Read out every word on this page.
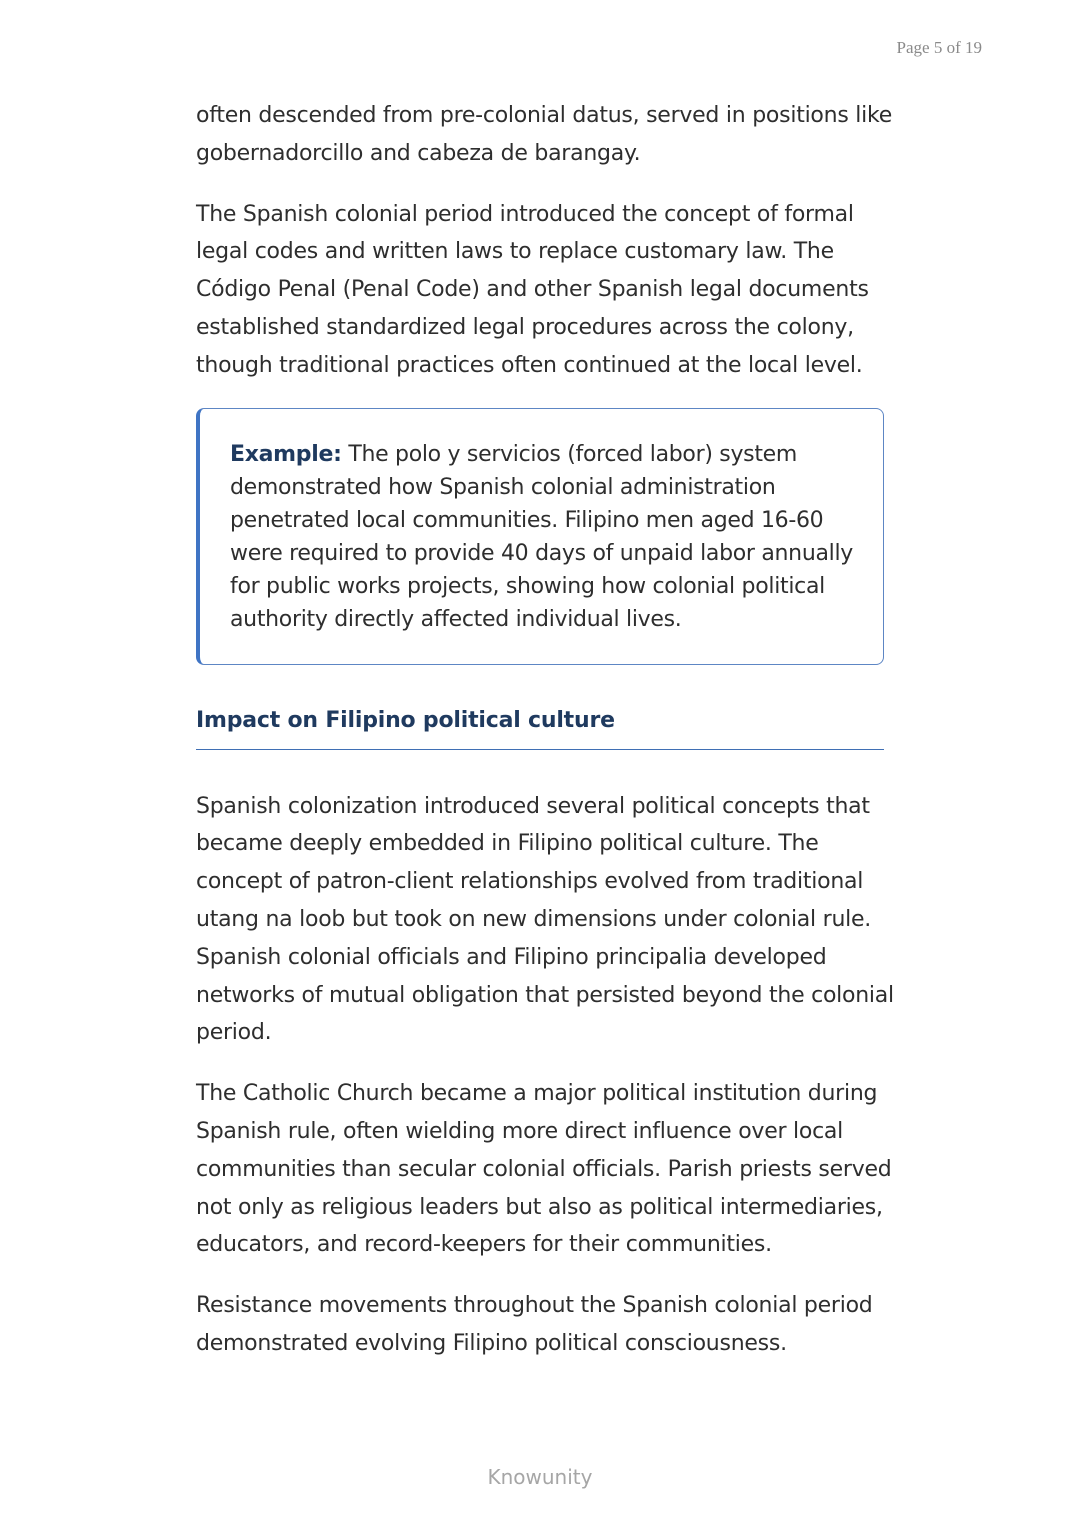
Page 5 of 19

often descended from pre-colonial datus, served in positions like gobernadorcillo and cabeza de barangay.

The Spanish colonial period introduced the concept of formal legal codes and written laws to replace customary law. The Código Penal (Penal Code) and other Spanish legal documents established standardized legal procedures across the colony, though traditional practices often continued at the local level.

Example: The polo y servicios (forced labor) system demonstrated how Spanish colonial administration penetrated local communities. Filipino men aged 16-60 were required to provide 40 days of unpaid labor annually for public works projects, showing how colonial political authority directly affected individual lives.

Impact on Filipino political culture

Spanish colonization introduced several political concepts that became deeply embedded in Filipino political culture. The concept of patron-client relationships evolved from traditional utang na loob but took on new dimensions under colonial rule. Spanish colonial officials and Filipino principalia developed networks of mutual obligation that persisted beyond the colonial period.

The Catholic Church became a major political institution during Spanish rule, often wielding more direct influence over local communities than secular colonial officials. Parish priests served not only as religious leaders but also as political intermediaries, educators, and record-keepers for their communities.

Resistance movements throughout the Spanish colonial period demonstrated evolving Filipino political consciousness.

Knowunity
